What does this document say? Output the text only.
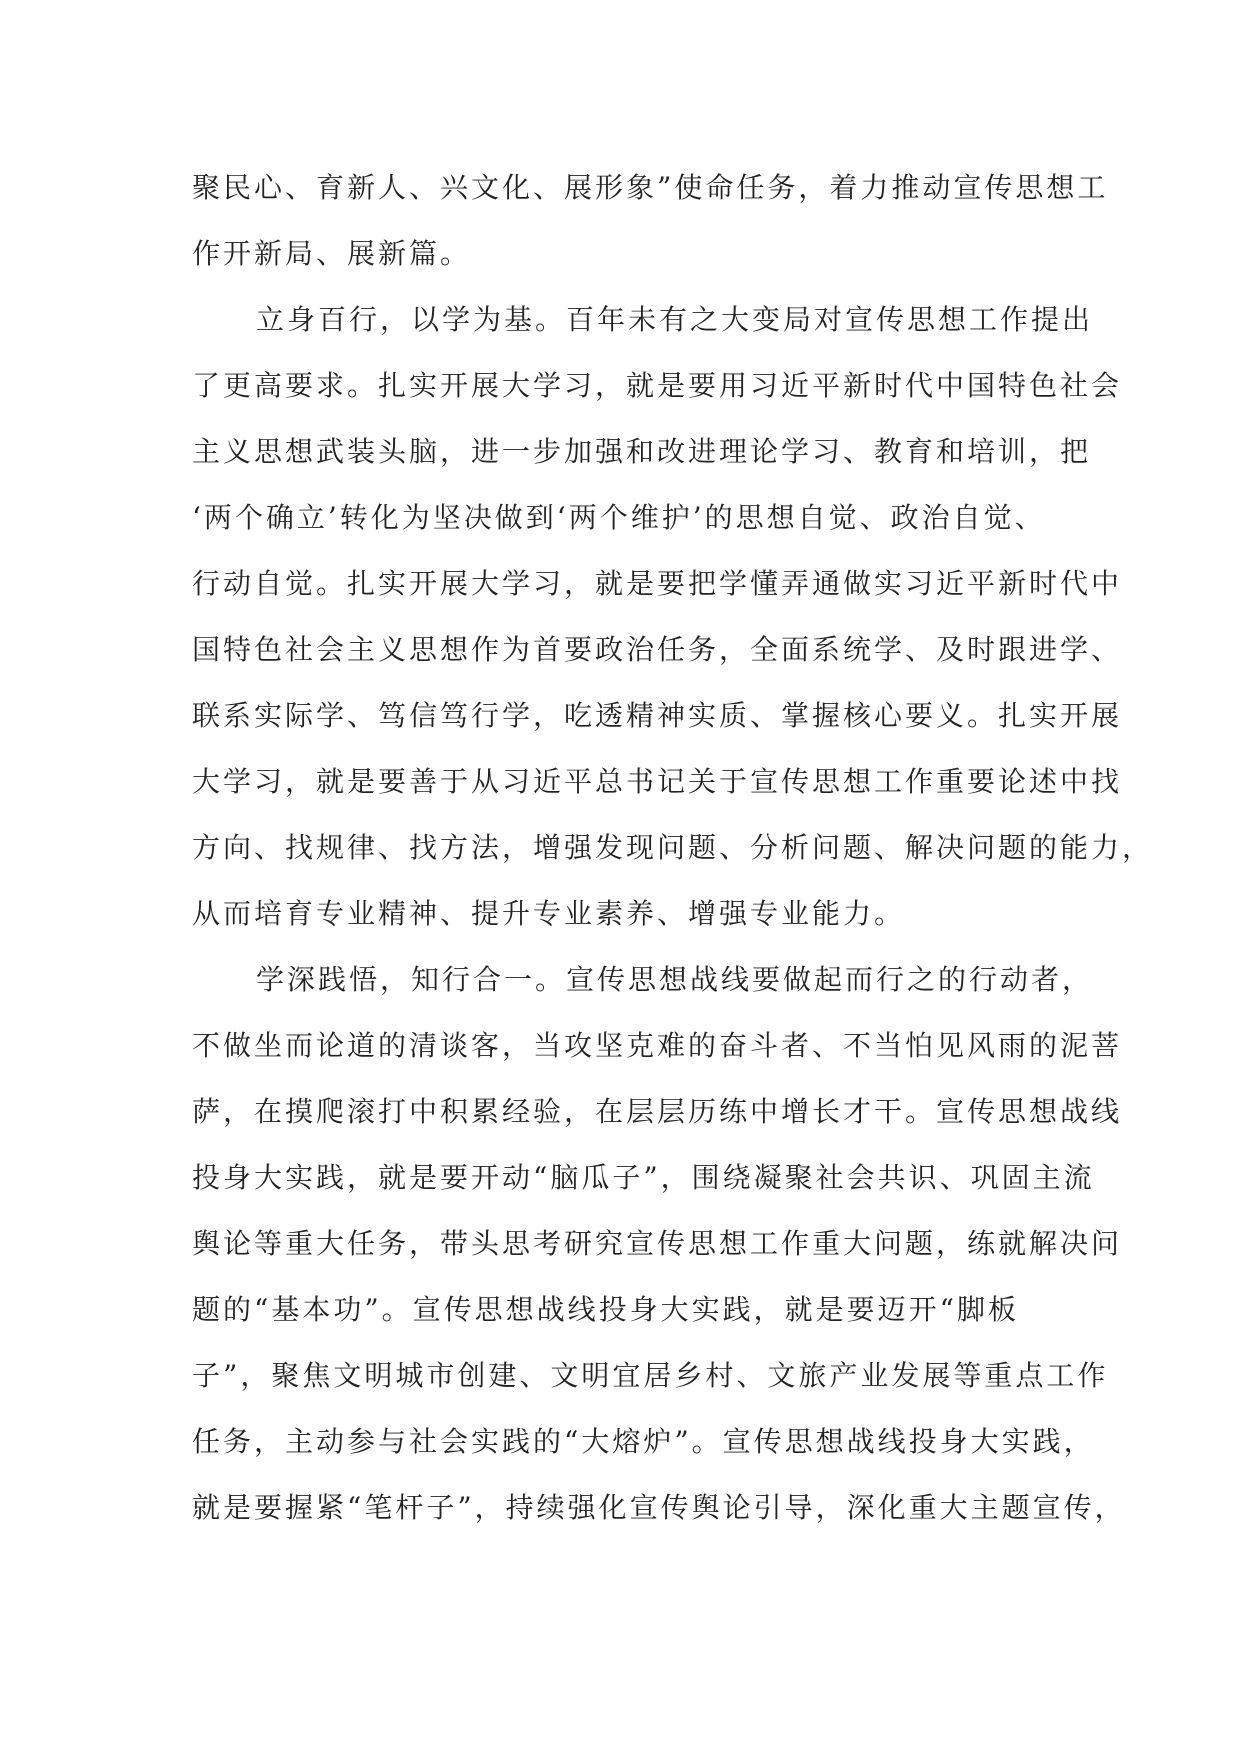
聚民心、育新人、兴文化、展形象”使命任务，着力推动宣传思想工
作开新局、展新篇。
立身百行，以学为基。百年未有之大变局对宣传思想工作提出
了更高要求。扎实开展大学习，就是要用习近平新时代中国特色社会
主义思想武装头脑，进一步加强和改进理论学习、教育和培训，把
‘两个确立’转化为坚决做到‘两个维护’的思想自觉、政治自觉、
行动自觉。扎实开展大学习，就是要把学懂弄通做实习近平新时代中
国特色社会主义思想作为首要政治任务，全面系统学、及时跟进学、
联系实际学、笃信笃行学，吃透精神实质、掌握核心要义。扎实开展
大学习，就是要善于从习近平总书记关于宣传思想工作重要论述中找
方向、找规律、找方法，增强发现问题、分析问题、解决问题的能力，
从而培育专业精神、提升专业素养、增强专业能力。
学深践悟，知行合一。宣传思想战线要做起而行之的行动者，
不做坐而论道的清谈客，当攻坚克难的奋斗者、不当怕见风雨的泥菩
萨，在摸爬滚打中积累经验，在层层历练中增长才干。宣传思想战线
投身大实践，就是要开动“脑瓜子”，围绕凝聚社会共识、巩固主流
舆论等重大任务，带头思考研究宣传思想工作重大问题，练就解决问
题的“基本功”。宣传思想战线投身大实践，就是要迈开“脚板
子”，聚焦文明城市创建、文明宜居乡村、文旅产业发展等重点工作
任务，主动参与社会实践的“大熔炉”。宣传思想战线投身大实践，
就是要握紧“笔杆子”，持续强化宣传舆论引导，深化重大主题宣传，
